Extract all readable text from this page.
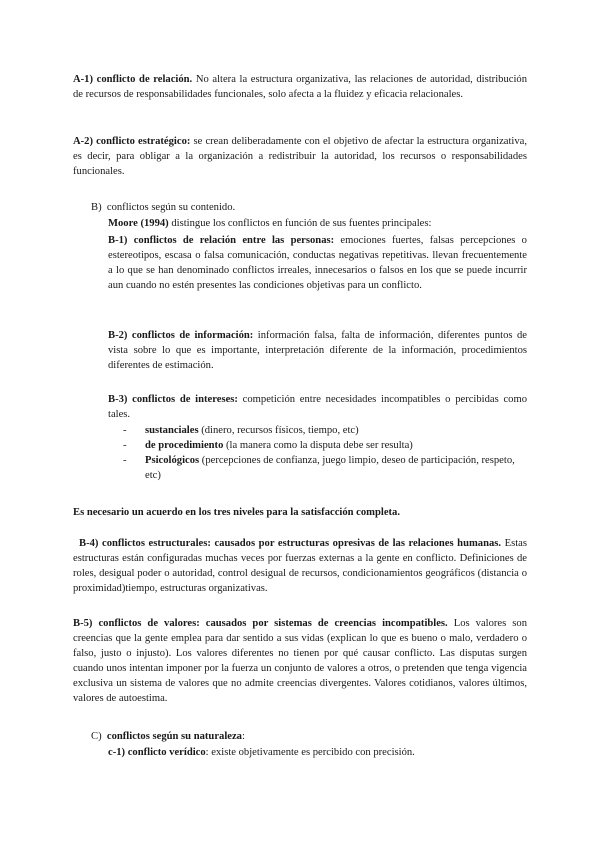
A-1) conflicto de relación. No altera la estructura organizativa, las relaciones de autoridad, distribución de recursos de responsabilidades funcionales, solo afecta a la fluidez y eficacia relacionales.

A-2) conflicto estratégico: se crean deliberadamente con el objetivo de afectar la estructura organizativa, es decir, para obligar a la organización a redistribuir la autoridad, los recursos o responsabilidades funcionales.

B) conflictos según su contenido.

Moore (1994) distingue los conflictos en función de sus fuentes principales:

B-1) conflictos de relación entre las personas: emociones fuertes, falsas percepciones o estereotipos, escasa o falsa comunicación, conductas negativas repetitivas. llevan frecuentemente a lo que se han denominado conflictos irreales, innecesarios o falsos en los que se puede incurrir aun cuando no estén presentes las condiciones objetivas para un conflicto.

B-2) conflictos de información: información falsa, falta de información, diferentes puntos de vista sobre lo que es importante, interpretación diferente de la información, procedimientos diferentes de estimación.

B-3) conflictos de intereses: competición entre necesidades incompatibles o percibidas como tales.

- sustanciales (dinero, recursos físicos, tiempo, etc)
- de procedimiento (la manera como la disputa debe ser resulta)
- Psicológicos (percepciones de confianza, juego limpio, deseo de participación, respeto, etc)

Es necesario un acuerdo en los tres niveles para la satisfacción completa.

B-4) conflictos estructurales: causados por estructuras opresivas de las relaciones humanas. Estas estructuras están configuradas muchas veces por fuerzas externas a la gente en conflicto. Definiciones de roles, desigual poder o autoridad, control desigual de recursos, condicionamientos geográficos (distancia o proximidad)tiempo, estructuras organizativas.

B-5) conflictos de valores: causados por sistemas de creencias incompatibles. Los valores son creencias que la gente emplea para dar sentido a sus vidas (explican lo que es bueno o malo, verdadero o falso, justo o injusto). Los valores diferentes no tienen por qué causar conflicto. Las disputas surgen cuando unos intentan imponer por la fuerza un conjunto de valores a otros, o pretenden que tenga vigencia exclusiva un sistema de valores que no admite creencias divergentes. Valores cotidianos, valores últimos, valores de autoestima.

C) conflictos según su naturaleza:

c-1) conflicto verídico: existe objetivamente es percibido con precisión.
